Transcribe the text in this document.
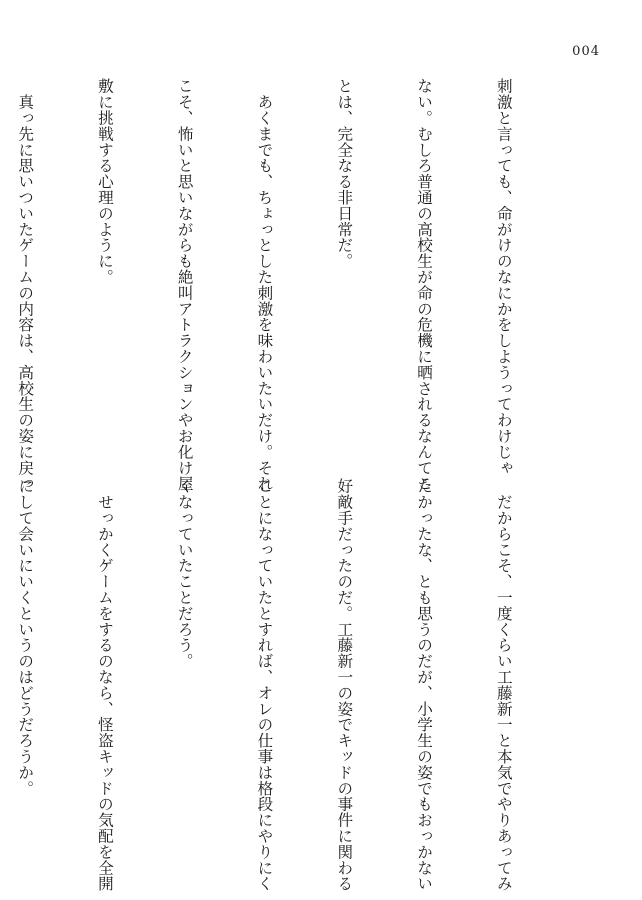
004

刺激と言っても、命がけのなにかをしようってわけじゃ

ない。むしろ普通の高校生が命の危機に晒されるなんてこ

とは、完全なる非日常だ。

　あくまでも、ちょっとした刺激を味わいたいだけ。それ

こそ、怖いと思いながらも絶叫アトラクションやお化け屋

敷に挑戦する心理のように。

　真っ先に思いついたゲームの内容は、高校生の姿に戻っ

　だからこそ、一度くらい工藤新一と本気でやりあってみ

たかったな、とも思うのだが、小学生の姿でもおっかない

好敵手だったのだ。工藤新一の姿でキッドの事件に関わる

ことになっていたとすれば、オレの仕事は格段にやりにく

くなっていたことだろう。

　せっかくゲームをするのなら、怪盗キッドの気配を全開

にして会いにいくというのはどうだろうか。
